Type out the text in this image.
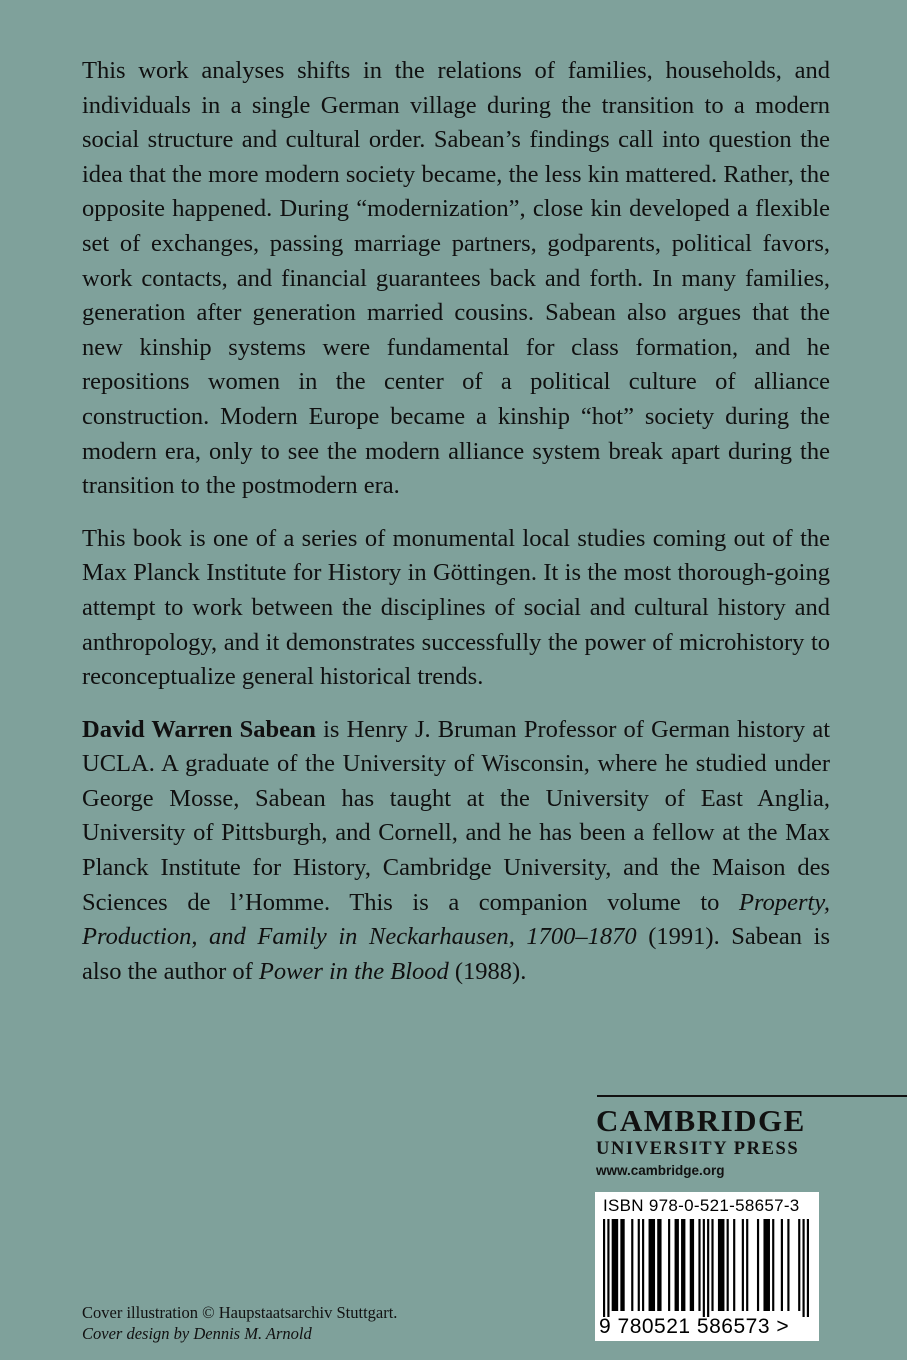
This work analyses shifts in the relations of families, households, and individuals in a single German village during the transition to a modern social structure and cultural order. Sabean’s findings call into question the idea that the more modern society became, the less kin mattered. Rather, the opposite happened. During “modernization”, close kin developed a flexible set of exchanges, passing marriage partners, godparents, political favors, work contacts, and financial guarantees back and forth. In many families, generation after generation married cousins. Sabean also argues that the new kinship systems were fundamental for class formation, and he repositions women in the center of a political culture of alliance construction. Modern Europe became a kinship “hot” society during the modern era, only to see the modern alliance system break apart during the transition to the postmodern era.

This book is one of a series of monumental local studies coming out of the Max Planck Institute for History in Göttingen. It is the most thorough-going attempt to work between the disciplines of social and cultural history and anthropology, and it demonstrates successfully the power of microhistory to reconceptualize general historical trends.

David Warren Sabean is Henry J. Bruman Professor of German history at UCLA. A graduate of the University of Wisconsin, where he studied under George Mosse, Sabean has taught at the University of East Anglia, University of Pittsburgh, and Cornell, and he has been a fellow at the Max Planck Institute for History, Cambridge University, and the Maison des Sciences de l’Homme. This is a companion volume to Property, Production, and Family in Neckarhausen, 1700–1870 (1991). Sabean is also the author of Power in the Blood (1988).

CAMBRIDGE
UNIVERSITY PRESS
www.cambridge.org
ISBN 978-0-521-58657-3
9 780521 586573 >
Cover illustration © Haupstaatsarchiv Stuttgart.
Cover design by Dennis M. Arnold
